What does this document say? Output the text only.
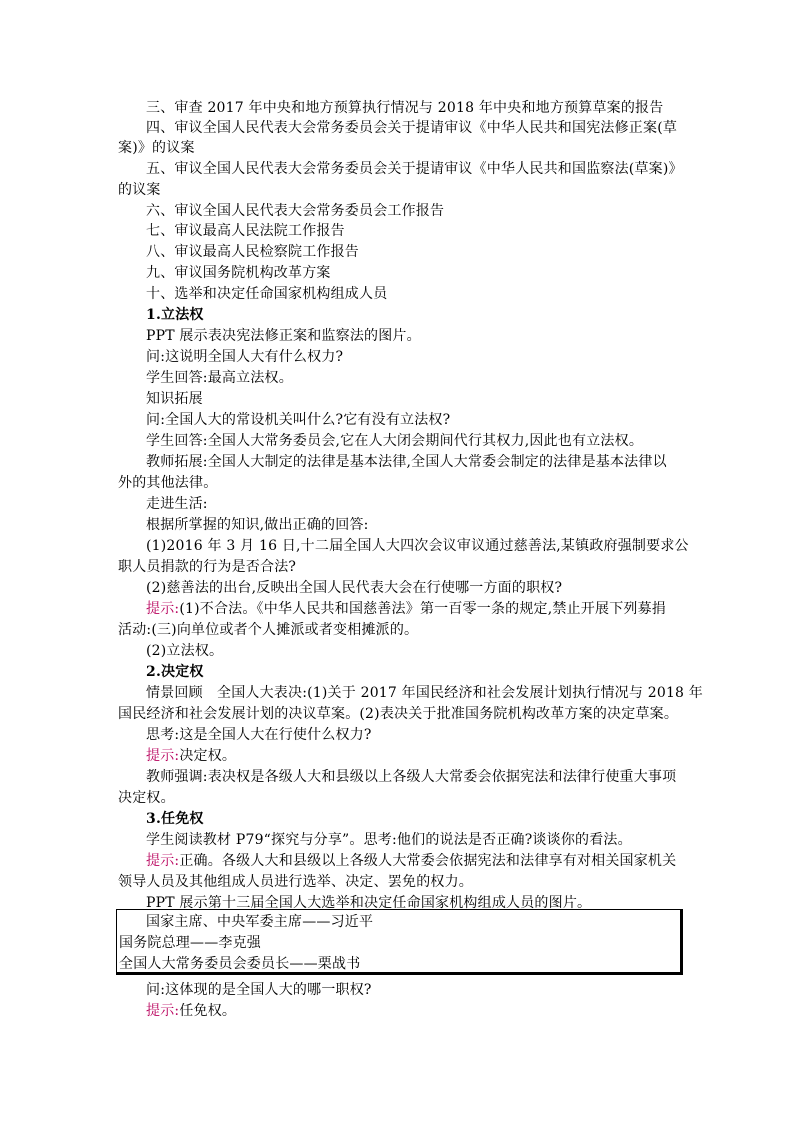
三、审查 2017 年中央和地方预算执行情况与 2018 年中央和地方预算草案的报告
四、审议全国人民代表大会常务委员会关于提请审议《中华人民共和国宪法修正案(草
案)》的议案
五、审议全国人民代表大会常务委员会关于提请审议《中华人民共和国监察法(草案)》
的议案
六、审议全国人民代表大会常务委员会工作报告
七、审议最高人民法院工作报告
八、审议最高人民检察院工作报告
九、审议国务院机构改革方案
十、选举和决定任命国家机构组成人员
1.立法权
PPT 展示表决宪法修正案和监察法的图片。
问:这说明全国人大有什么权力?
学生回答:最高立法权。
知识拓展
问:全国人大的常设机关叫什么?它有没有立法权?
学生回答:全国人大常务委员会,它在人大闭会期间代行其权力,因此也有立法权。
教师拓展:全国人大制定的法律是基本法律,全国人大常委会制定的法律是基本法律以
外的其他法律。
走进生活:
根据所掌握的知识,做出正确的回答:
(1)2016 年 3 月 16 日,十二届全国人大四次会议审议通过慈善法,某镇政府强制要求公
职人员捐款的行为是否合法?
(2)慈善法的出台,反映出全国人民代表大会在行使哪一方面的职权?
提示:(1)不合法。《中华人民共和国慈善法》第一百零一条的规定,禁止开展下列募捐
活动:(三)向单位或者个人摊派或者变相摊派的。
(2)立法权。
2.决定权
情景回顾　全国人大表决:(1)关于 2017 年国民经济和社会发展计划执行情况与 2018 年
国民经济和社会发展计划的决议草案。(2)表决关于批准国务院机构改革方案的决定草案。
思考:这是全国人大在行使什么权力?
提示:决定权。
教师强调:表决权是各级人大和县级以上各级人大常委会依据宪法和法律行使重大事项
决定权。
3.任免权
学生阅读教材 P79“探究与分享”。思考:他们的说法是否正确?谈谈你的看法。
提示:正确。各级人大和县级以上各级人大常委会依据宪法和法律享有对相关国家机关
领导人员及其他组成人员进行选举、决定、罢免的权力。
PPT 展示第十三届全国人大选举和决定任命国家机构组成人员的图片。
国家主席、中央军委主席——习近平
国务院总理——李克强
全国人大常务委员会委员长——栗战书
问:这体现的是全国人大的哪一职权?
提示:任免权。
